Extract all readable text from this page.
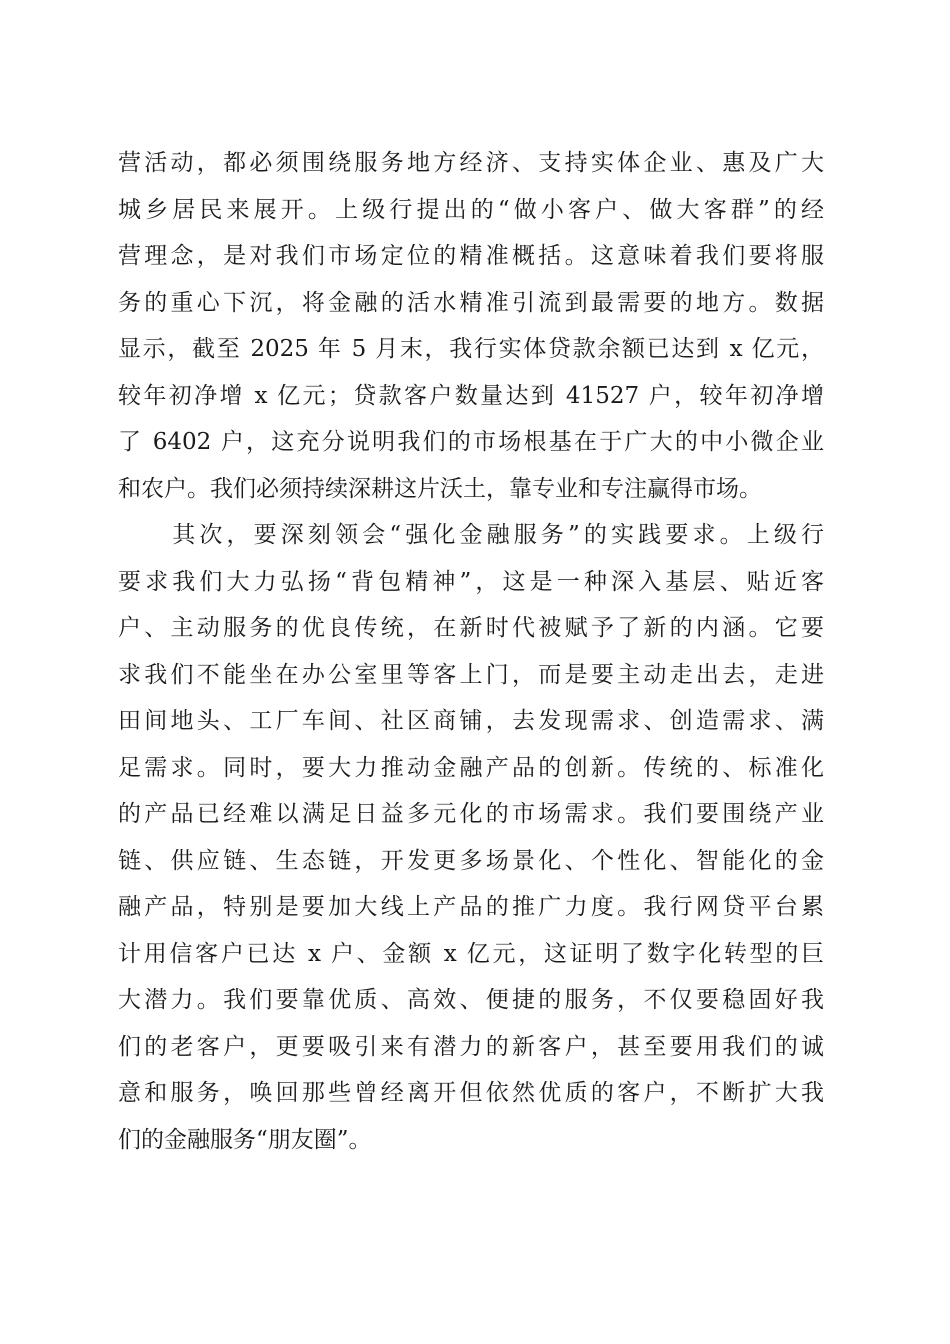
营活动，都必须围绕服务地方经济、支持实体企业、惠及广大
城乡居民来展开。上级行提出的“做小客户、做大客群”的经
营理念，是对我们市场定位的精准概括。这意味着我们要将服
务的重心下沉，将金融的活水精准引流到最需要的地方。数据
显示，截至 2025 年 5 月末，我行实体贷款余额已达到 x 亿元，
较年初净增 x 亿元；贷款客户数量达到 41527 户，较年初净增
了 6402 户，这充分说明我们的市场根基在于广大的中小微企业
和农户。我们必须持续深耕这片沃土，靠专业和专注赢得市场。
　　其次，要深刻领会“强化金融服务”的实践要求。上级行
要求我们大力弘扬“背包精神”，这是一种深入基层、贴近客
户、主动服务的优良传统，在新时代被赋予了新的内涵。它要
求我们不能坐在办公室里等客上门，而是要主动走出去，走进
田间地头、工厂车间、社区商铺，去发现需求、创造需求、满
足需求。同时，要大力推动金融产品的创新。传统的、标准化
的产品已经难以满足日益多元化的市场需求。我们要围绕产业
链、供应链、生态链，开发更多场景化、个性化、智能化的金
融产品，特别是要加大线上产品的推广力度。我行网贷平台累
计用信客户已达 x 户、金额 x 亿元，这证明了数字化转型的巨
大潜力。我们要靠优质、高效、便捷的服务，不仅要稳固好我
们的老客户，更要吸引来有潜力的新客户，甚至要用我们的诚
意和服务，唤回那些曾经离开但依然优质的客户，不断扩大我
们的金融服务“朋友圈”。
